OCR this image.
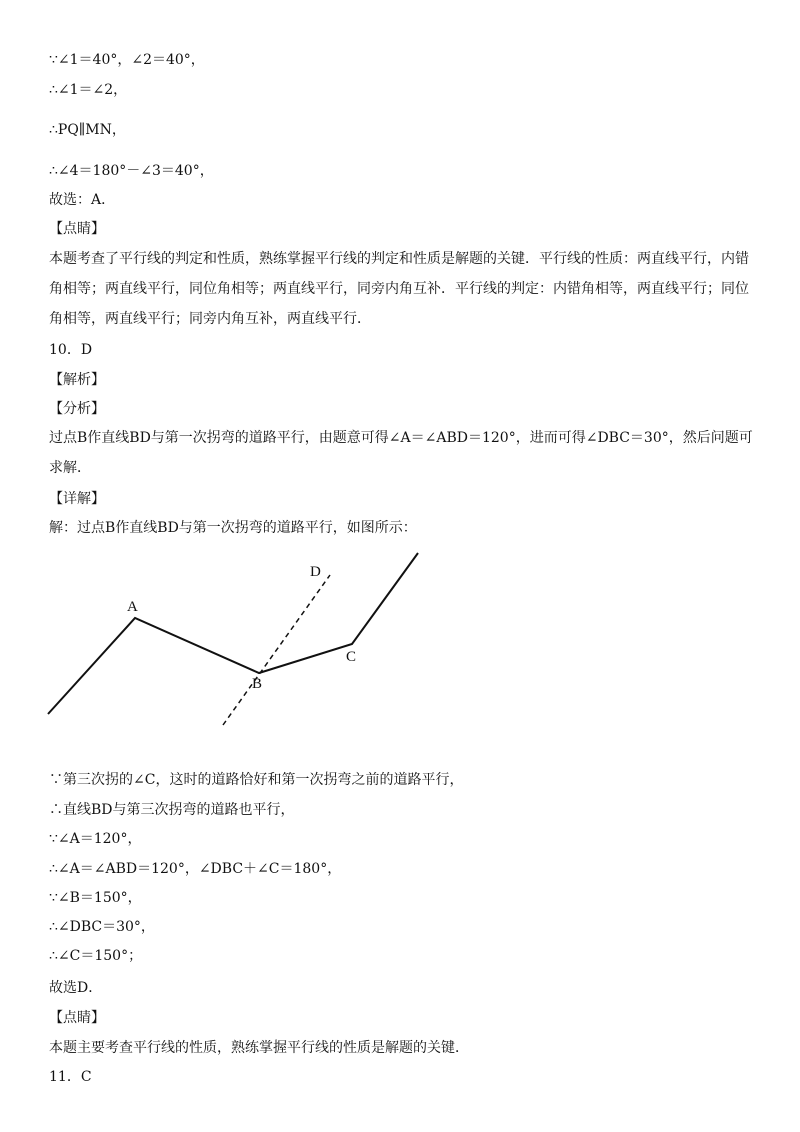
∵∠1＝40°，∠2＝40°，
∴∠1＝∠2，
∴PQ∥MN，
∴∠4＝180°－∠3＝40°，
故选：A．
【点睛】
本题考查了平行线的判定和性质，熟练掌握平行线的判定和性质是解题的关键．平行线的性质：两直线平行，内错角相等；两直线平行，同位角相等；两直线平行，同旁内角互补．平行线的判定：内错角相等，两直线平行；同位角相等，两直线平行；同旁内角互补，两直线平行．
10．D
【解析】
【分析】
过点B作直线BD与第一次拐弯的道路平行，由题意可得∠A＝∠ABD＝120°，进而可得∠DBC＝30°，然后问题可求解．
【详解】
解：过点B作直线BD与第一次拐弯的道路平行，如图所示：
A
B
C
D
∵第三次拐的∠C，这时的道路恰好和第一次拐弯之前的道路平行，
∴直线BD与第三次拐弯的道路也平行，
∵∠A＝120°，
∴∠A＝∠ABD＝120°，∠DBC＋∠C＝180°，
∵∠B＝150°，
∴∠DBC＝30°，
∴∠C＝150°；
故选D．
【点睛】
本题主要考查平行线的性质，熟练掌握平行线的性质是解题的关键．
11．C
